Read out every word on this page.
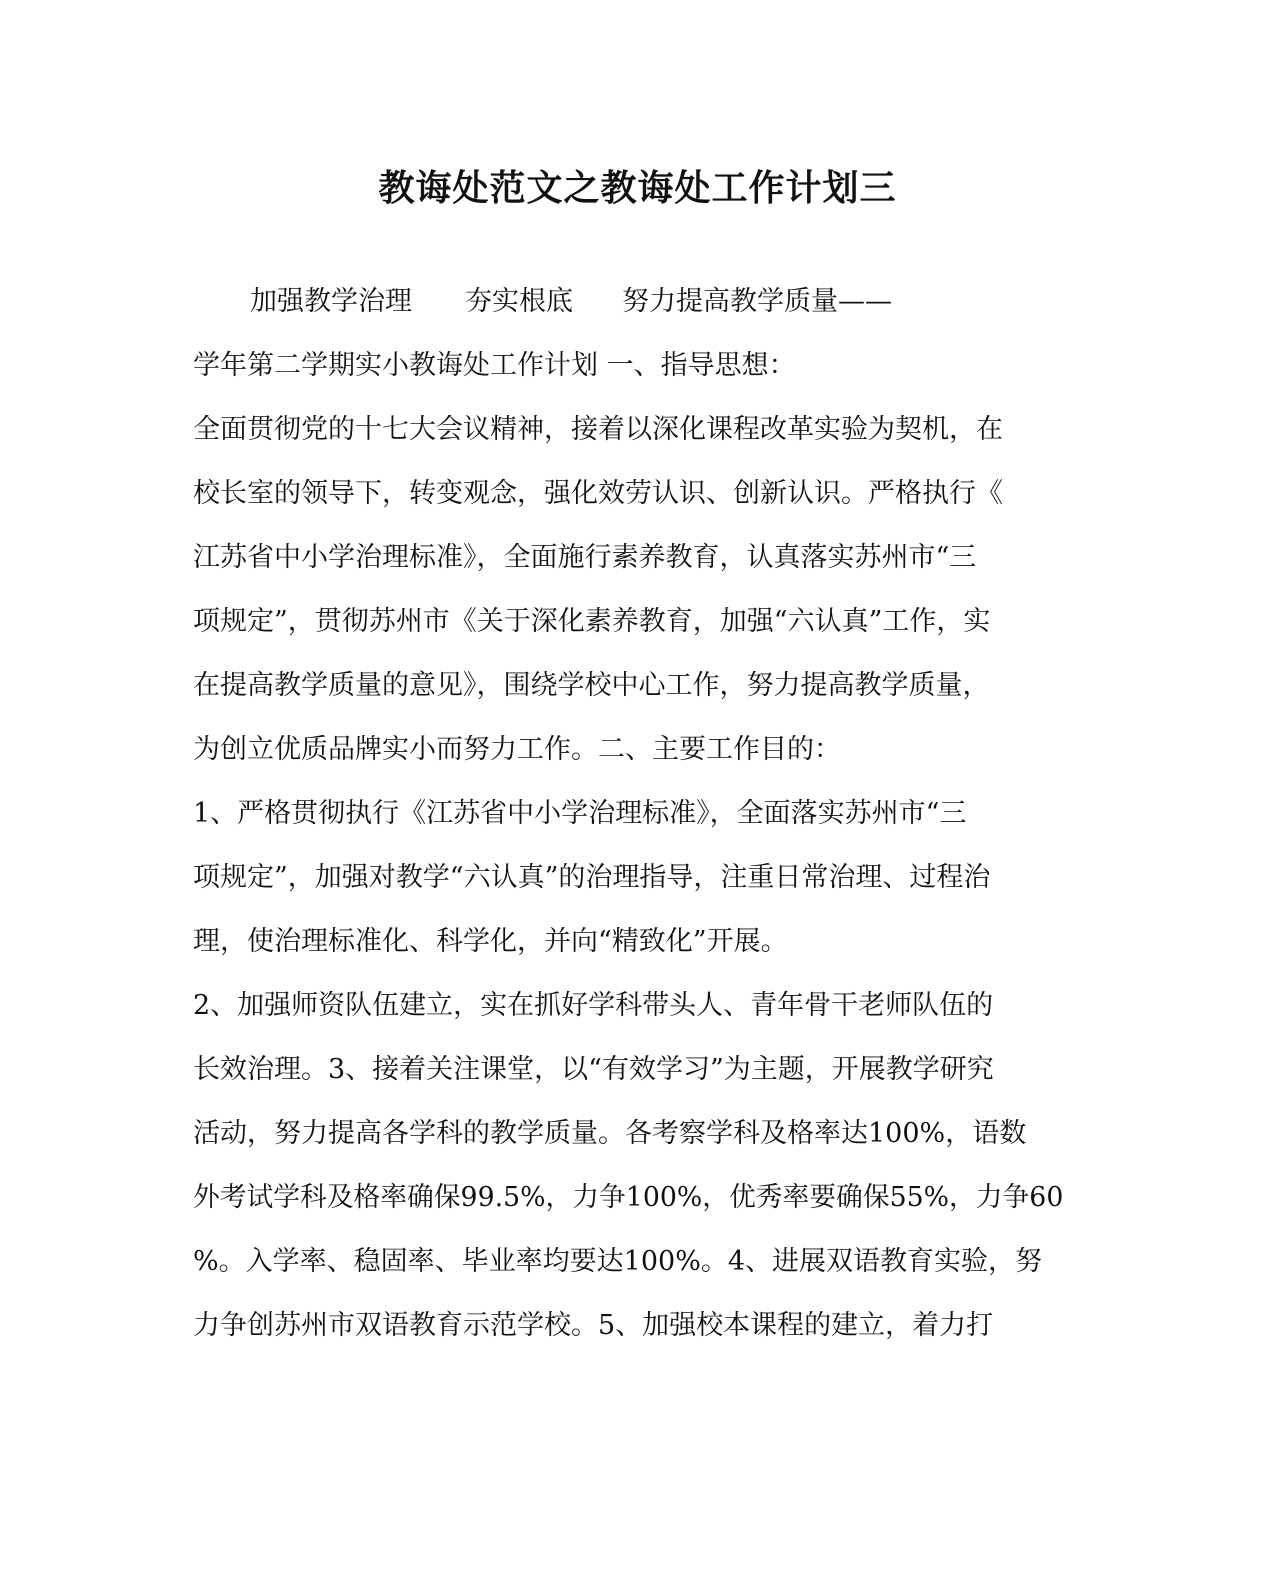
教诲处范文之教诲处工作计划三
加强教学治理 夯实根底 努力提高教学质量——
学年第二学期实小教诲处工作计划 一、指导思想：
全面贯彻党的十七大会议精神，接着以深化课程改革实验为契机，在
校长室的领导下，转变观念，强化效劳认识、创新认识。严格执行《
江苏省中小学治理标准》，全面施行素养教育，认真落实苏州市“三
项规定”，贯彻苏州市《关于深化素养教育，加强“六认真”工作，实
在提高教学质量的意见》，围绕学校中心工作，努力提高教学质量，
为创立优质品牌实小而努力工作。二、主要工作目的：
1、严格贯彻执行《江苏省中小学治理标准》，全面落实苏州市“三
项规定”，加强对教学“六认真”的治理指导，注重日常治理、过程治
理，使治理标准化、科学化，并向“精致化”开展。
2、加强师资队伍建立，实在抓好学科带头人、青年骨干老师队伍的
长效治理。3、接着关注课堂，以“有效学习”为主题，开展教学研究
活动，努力提高各学科的教学质量。各考察学科及格率达100%，语数
外考试学科及格率确保99.5%，力争100%，优秀率要确保55%，力争60
%。入学率、稳固率、毕业率均要达100%。4、进展双语教育实验，努
力争创苏州市双语教育示范学校。5、加强校本课程的建立，着力打
